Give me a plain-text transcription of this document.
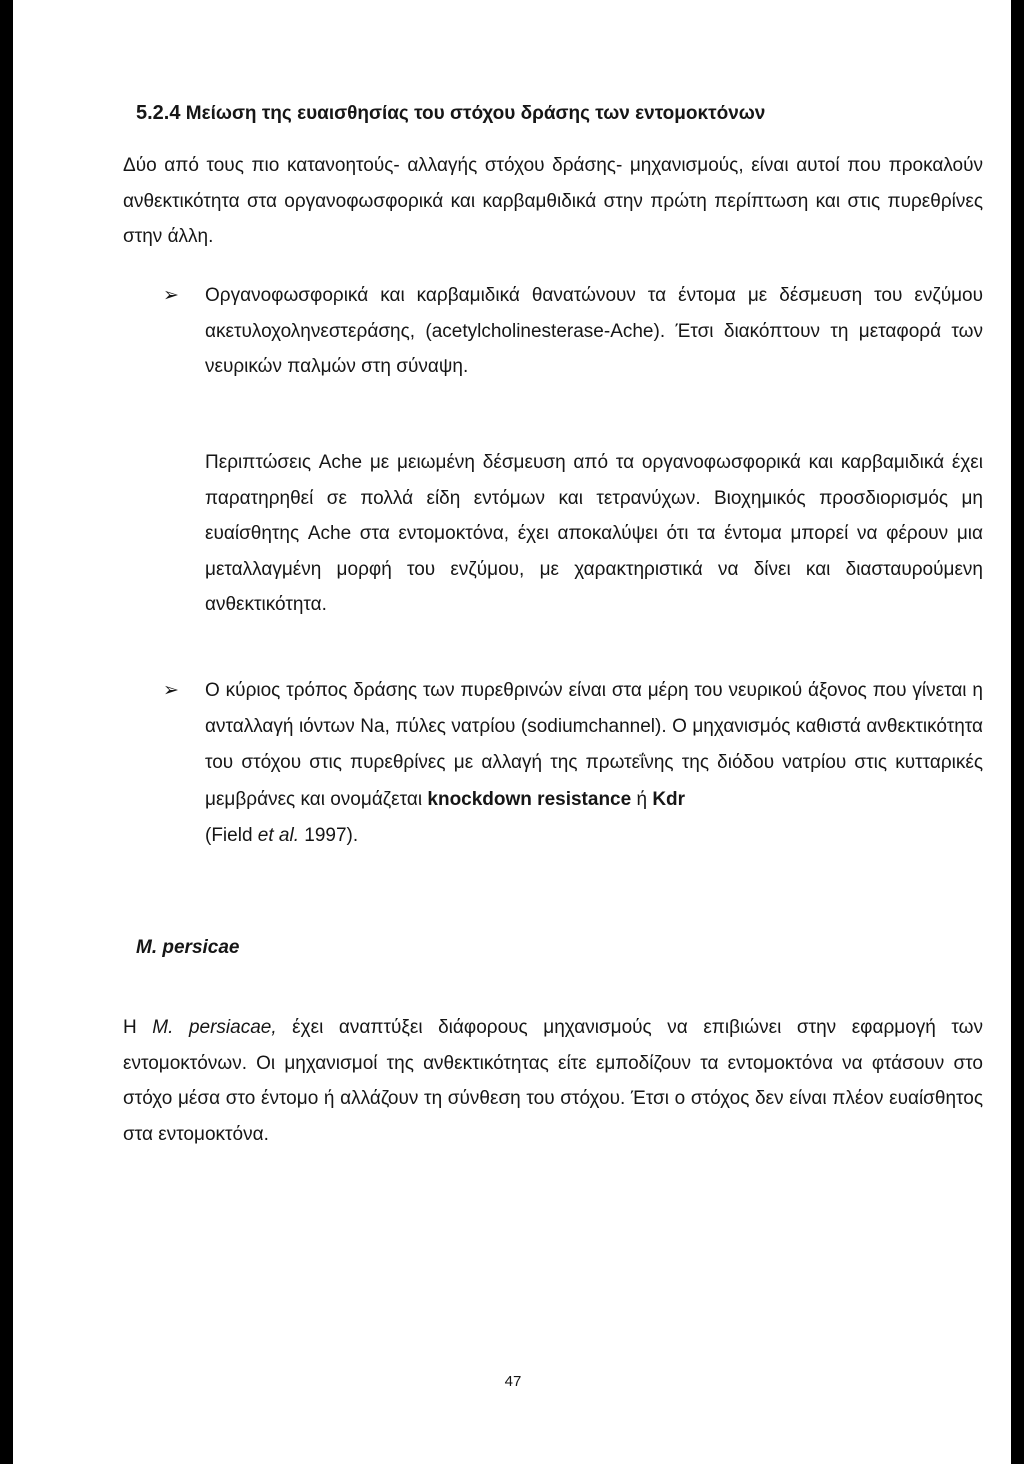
5.2.4 Μείωση της ευαισθησίας του στόχου δράσης των εντομοκτόνων
Δύο από τους πιο κατανοητούς- αλλαγής στόχου δράσης- μηχανισμούς, είναι αυτοί που προκαλούν ανθεκτικότητα στα οργανοφωσφορικά και καρβαμθιδικά στην πρώτη περίπτωση και στις πυρεθρίνες στην άλλη.
➢ Οργανοφωσφορικά και καρβαμιδικά θανατώνουν τα έντομα με δέσμευση του ενζύμου ακετυλοχοληνεστεράσης, (acetylcholinesterase-Ache). Έτσι διακόπτουν τη μεταφορά των νευρικών παλμών στη σύναψη.
Περιπτώσεις Ache με μειωμένη δέσμευση από τα οργανοφωσφορικά και καρβαμιδικά έχει παρατηρηθεί σε πολλά είδη εντόμων και τετρανύχων. Βιοχημικός προσδιορισμός μη ευαίσθητης Ache στα εντομοκτόνα, έχει αποκαλύψει ότι τα έντομα μπορεί να φέρουν μια μεταλλαγμένη μορφή του ενζύμου, με χαρακτηριστικά να δίνει και διασταυρούμενη ανθεκτικότητα.
➢ Ο κύριος τρόπος δράσης των πυρεθρινών είναι στα μέρη του νευρικού άξονος που γίνεται η ανταλλαγή ιόντων Na, πύλες νατρίου (sodiumchannel). Ο μηχανισμός καθιστά ανθεκτικότητα του στόχου στις πυρεθρίνες με αλλαγή της πρωτεΐνης της διόδου νατρίου στις κυτταρικές μεμβράνες και ονομάζεται knockdown resistance ή Kdr
(Field et al. 1997).
M. persicae
Η M. persiacae, έχει αναπτύξει διάφορους μηχανισμούς να επιβιώνει στην εφαρμογή των εντομοκτόνων. Οι μηχανισμοί της ανθεκτικότητας είτε εμποδίζουν τα εντομοκτόνα να φτάσουν στο στόχο μέσα στο έντομο ή αλλάζουν τη σύνθεση του στόχου. Έτσι ο στόχος δεν είναι πλέον ευαίσθητος στα εντομοκτόνα.
47
